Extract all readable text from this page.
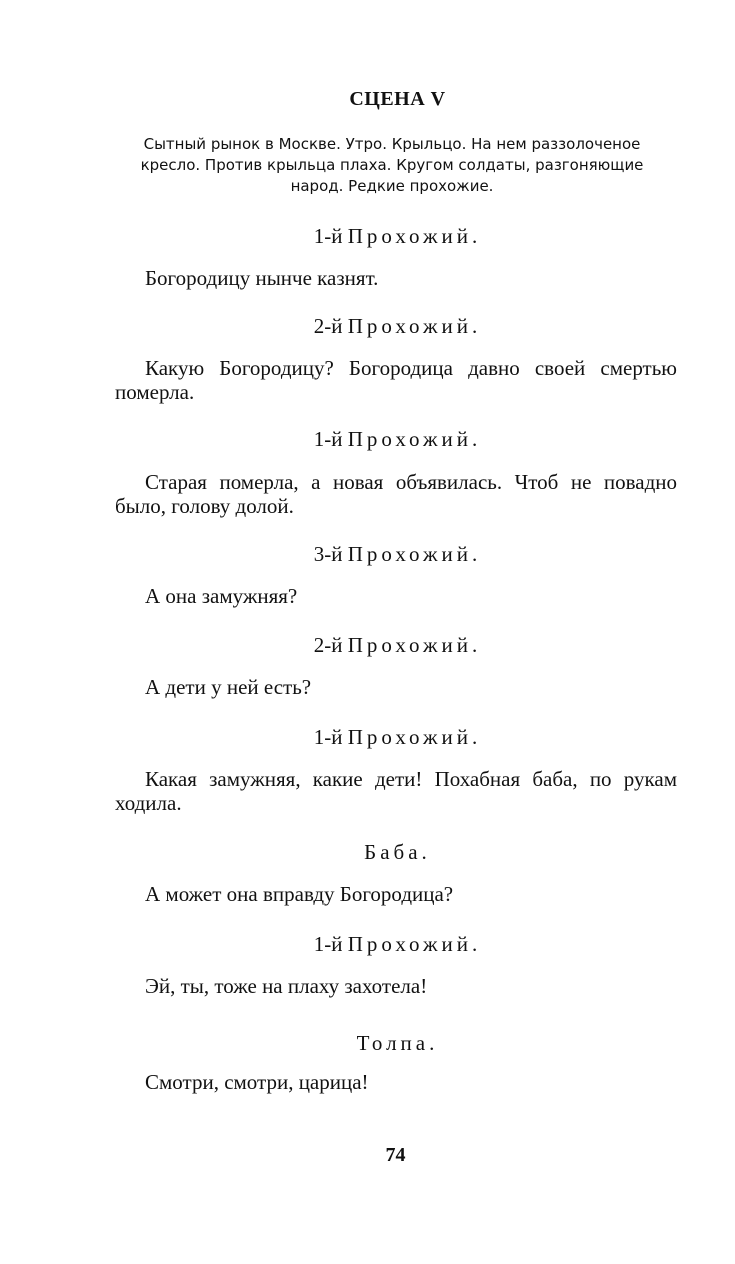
СЦЕНА V
Сытный рынок в Москве. Утро. Крыльцо. На нем раззолоченое кресло. Против крыльца плаха. Кругом солдаты, разгоняющие народ. Редкие прохожие.
1-й Прохожий.
Богородицу нынче казнят.
2-й Прохожий.
Какую Богородицу? Богородица давно своей смертью померла.
1-й Прохожий.
Старая померла, а новая объявилась. Чтоб не повадно было, голову долой.
3-й Прохожий.
А она замужняя?
2-й Прохожий.
А дети у ней есть?
1-й Прохожий.
Какая замужняя, какие дети! Похабная баба, по рукам ходила.
Баба.
А может она вправду Богородица?
1-й Прохожий.
Эй, ты, тоже на плаху захотела!
Толпа.
Смотри, смотри, царица!
74
